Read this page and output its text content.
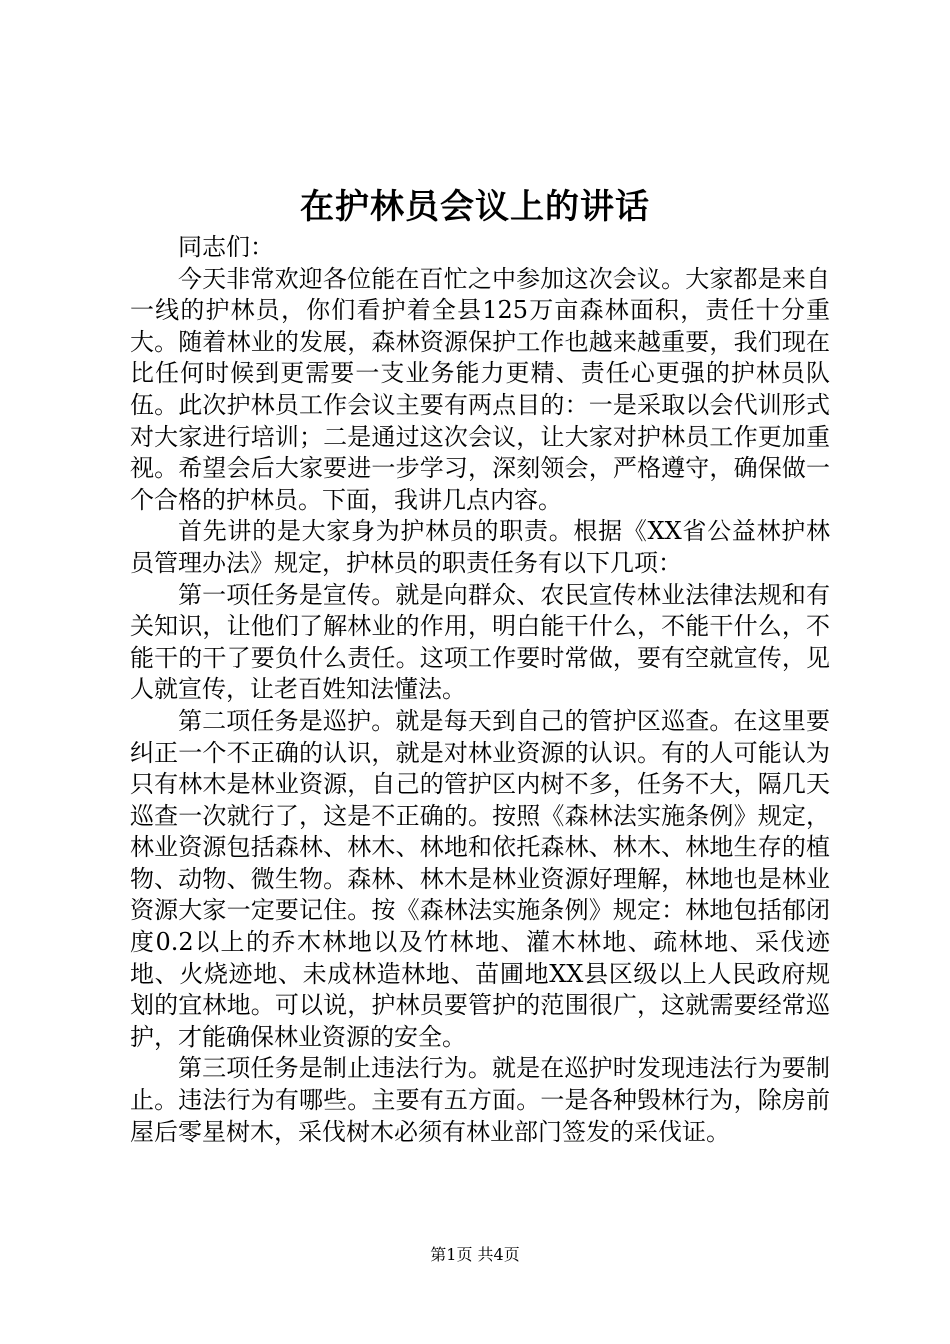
在护林员会议上的讲话

同志们：

今天非常欢迎各位能在百忙之中参加这次会议。大家都是来自一线的护林员，你们看护着全县125万亩森林面积，责任十分重大。随着林业的发展，森林资源保护工作也越来越重要，我们现在比任何时候到更需要一支业务能力更精、责任心更强的护林员队伍。此次护林员工作会议主要有两点目的：一是采取以会代训形式对大家进行培训；二是通过这次会议，让大家对护林员工作更加重视。希望会后大家要进一步学习，深刻领会，严格遵守，确保做一个合格的护林员。下面，我讲几点内容。

首先讲的是大家身为护林员的职责。根据《XX省公益林护林员管理办法》规定，护林员的职责任务有以下几项：

第一项任务是宣传。就是向群众、农民宣传林业法律法规和有关知识，让他们了解林业的作用，明白能干什么，不能干什么，不能干的干了要负什么责任。这项工作要时常做，要有空就宣传，见人就宣传，让老百姓知法懂法。

第二项任务是巡护。就是每天到自己的管护区巡查。在这里要纠正一个不正确的认识，就是对林业资源的认识。有的人可能认为只有林木是林业资源，自己的管护区内树不多，任务不大，隔几天巡查一次就行了，这是不正确的。按照《森林法实施条例》规定，林业资源包括森林、林木、林地和依托森林、林木、林地生存的植物、动物、微生物。森林、林木是林业资源好理解，林地也是林业资源大家一定要记住。按《森林法实施条例》规定：林地包括郁闭度0.2以上的乔木林地以及竹林地、灌木林地、疏林地、采伐迹地、火烧迹地、未成林造林地、苗圃地XX县区级以上人民政府规划的宜林地。可以说，护林员要管护的范围很广，这就需要经常巡护，才能确保林业资源的安全。

第三项任务是制止违法行为。就是在巡护时发现违法行为要制止。违法行为有哪些。主要有五方面。一是各种毁林行为，除房前屋后零星树木，采伐树木必须有林业部门签发的采伐证。

第1页 共4页
